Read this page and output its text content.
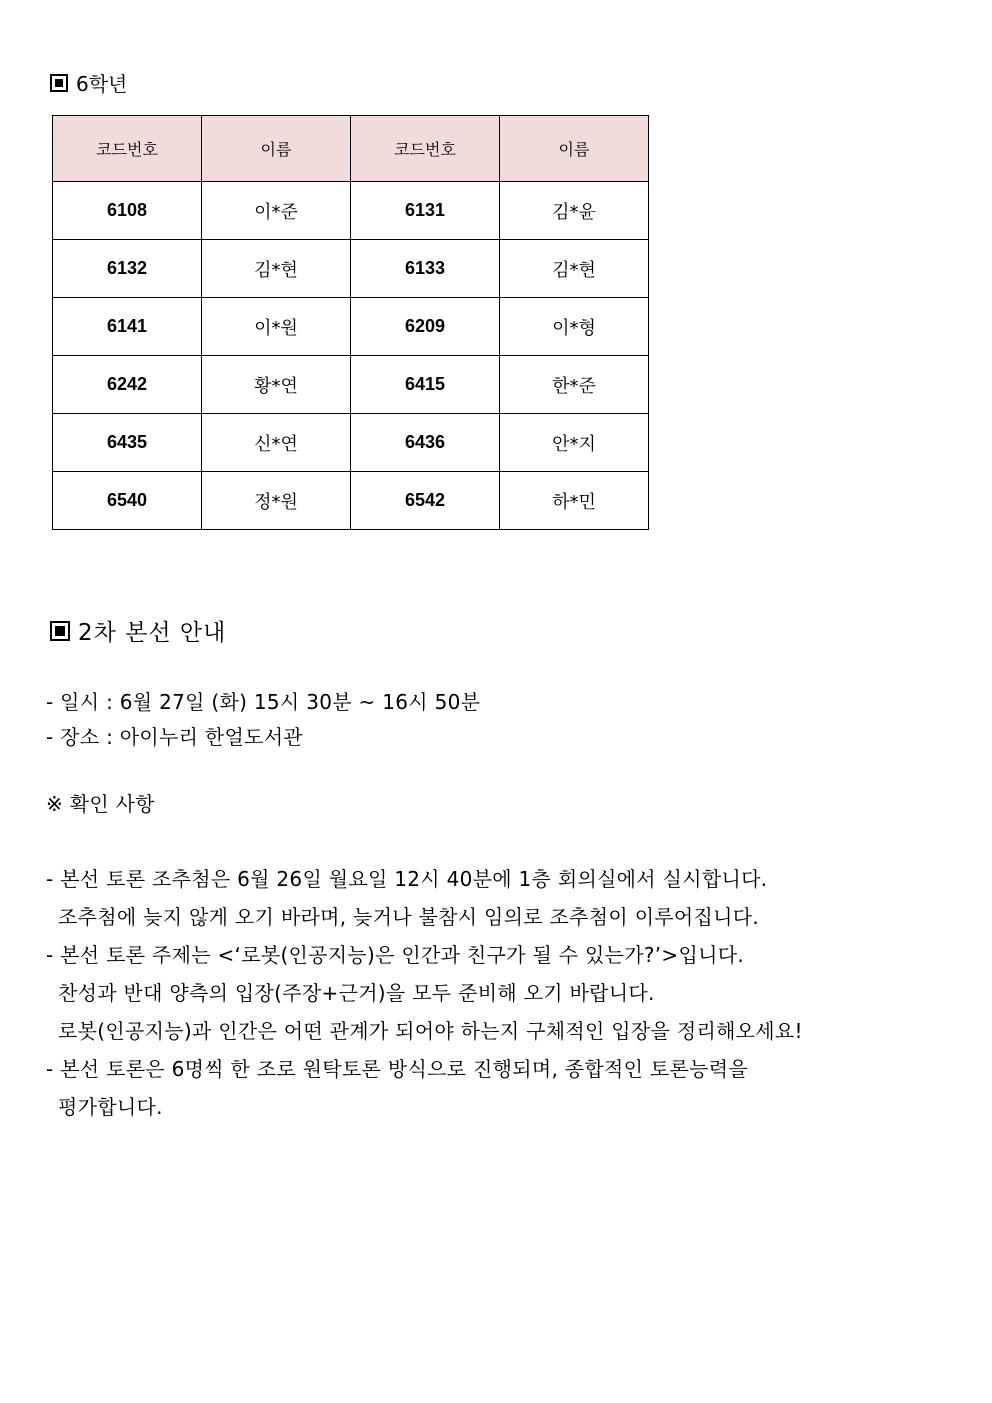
6학년
코드번호	이름	코드번호	이름
6108	이*준	6131	김*윤
6132	김*현	6133	김*현
6141	이*원	6209	이*형
6242	황*연	6415	한*준
6435	신*연	6436	안*지
6540	정*원	6542	하*민
2차 본선 안내
- 일시 : 6월 27일 (화) 15시 30분 ~ 16시 50분
- 장소 : 아이누리 한얼도서관
※ 확인 사항
- 본선 토론 조추첨은 6월 26일 월요일 12시 40분에 1층 회의실에서 실시합니다.
조추첨에 늦지 않게 오기 바라며, 늦거나 불참시 임의로 조추첨이 이루어집니다.
- 본선 토론 주제는 <‘로봇(인공지능)은 인간과 친구가 될 수 있는가?’>입니다.
찬성과 반대 양측의 입장(주장+근거)을 모두 준비해 오기 바랍니다.
로봇(인공지능)과 인간은 어떤 관계가 되어야 하는지 구체적인 입장을 정리해오세요!
- 본선 토론은 6명씩 한 조로 원탁토론 방식으로 진행되며, 종합적인 토론능력을
평가합니다.
